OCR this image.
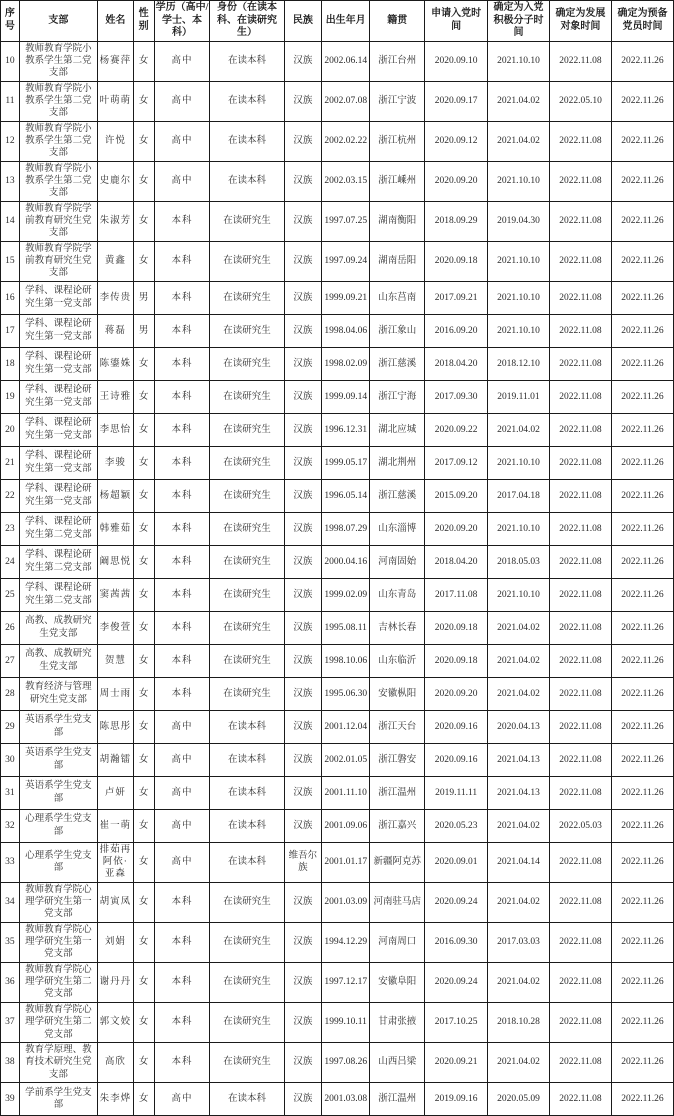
序号	支部	姓名	性别	学历（高中/学士、本科）	身份（在读本科、在读研究生）	民族	出生年月	籍贯	申请入党时间	确定为入党积极分子时间	确定为发展对象时间	确定为预备党员时间
10	教师教育学院小教系学生第二党支部	杨赛萍	女	高中	在读本科	汉族	2002.06.14	浙江台州	2020.09.10	2021.10.10	2022.11.08	2022.11.26
11	教师教育学院小教系学生第二党支部	叶萌萌	女	高中	在读本科	汉族	2002.07.08	浙江宁波	2020.09.17	2021.04.02	2022.05.10	2022.11.26
12	教师教育学院小教系学生第二党支部	许悦	女	高中	在读本科	汉族	2002.02.22	浙江杭州	2020.09.12	2021.04.02	2022.11.08	2022.11.26
13	教师教育学院小教系学生第二党支部	史鹿尔	女	高中	在读本科	汉族	2002.03.15	浙江嵊州	2020.09.20	2021.10.10	2022.11.08	2022.11.26
14	教师教育学院学前教育研究生党支部	朱淑芳	女	本科	在读研究生	汉族	1997.07.25	湖南衡阳	2018.09.29	2019.04.30	2022.11.08	2022.11.26
15	教师教育学院学前教育研究生党支部	黄鑫	女	本科	在读研究生	汉族	1997.09.24	湖南岳阳	2020.09.18	2021.10.10	2022.11.08	2022.11.26
16	学科、课程论研究生第一党支部	李传贵	男	本科	在读研究生	汉族	1999.09.21	山东莒南	2017.09.21	2021.10.10	2022.11.08	2022.11.26
17	学科、课程论研究生第一党支部	蒋磊	男	本科	在读研究生	汉族	1998.04.06	浙江象山	2016.09.20	2021.10.10	2022.11.08	2022.11.26
18	学科、课程论研究生第一党支部	陈鎏姝	女	本科	在读研究生	汉族	1998.02.09	浙江慈溪	2018.04.20	2018.12.10	2022.11.08	2022.11.26
19	学科、课程论研究生第一党支部	王诗雅	女	本科	在读研究生	汉族	1999.09.14	浙江宁海	2017.09.30	2019.11.01	2022.11.08	2022.11.26
20	学科、课程论研究生第一党支部	李思怡	女	本科	在读研究生	汉族	1996.12.31	湖北应城	2020.09.22	2021.04.02	2022.11.08	2022.11.26
21	学科、课程论研究生第一党支部	李骏	女	本科	在读研究生	汉族	1999.05.17	湖北荆州	2017.09.12	2021.10.10	2022.11.08	2022.11.26
22	学科、课程论研究生第一党支部	杨超颖	女	本科	在读研究生	汉族	1996.05.14	浙江慈溪	2015.09.20	2017.04.18	2022.11.08	2022.11.26
23	学科、课程论研究生第二党支部	韩雅茹	女	本科	在读研究生	汉族	1998.07.29	山东淄博	2020.09.20	2021.10.10	2022.11.08	2022.11.26
24	学科、课程论研究生第二党支部	阚思悦	女	本科	在读研究生	汉族	2000.04.16	河南固始	2018.04.20	2018.05.03	2022.11.08	2022.11.26
25	学科、课程论研究生第二党支部	窦茜茜	女	本科	在读研究生	汉族	1999.02.09	山东青岛	2017.11.08	2021.10.10	2022.11.08	2022.11.26
26	高教、成教研究生党支部	李俊萱	女	本科	在读研究生	汉族	1995.08.11	吉林长春	2020.09.18	2021.04.02	2022.11.08	2022.11.26
27	高教、成教研究生党支部	贺慧	女	本科	在读研究生	汉族	1998.10.06	山东临沂	2020.09.18	2021.04.02	2022.11.08	2022.11.26
28	教育经济与管理研究生党支部	周士雨	女	本科	在读研究生	汉族	1995.06.30	安徽枞阳	2020.09.20	2021.04.02	2022.11.08	2022.11.26
29	英语系学生党支部	陈思彤	女	高中	在读本科	汉族	2001.12.04	浙江天台	2020.09.16	2020.04.13	2022.11.08	2022.11.26
30	英语系学生党支部	胡瀚镭	女	高中	在读本科	汉族	2002.01.05	浙江磐安	2020.09.16	2021.04.13	2022.11.08	2022.11.26
31	英语系学生党支部	卢妍	女	高中	在读本科	汉族	2001.11.10	浙江温州	2019.11.11	2021.04.13	2022.11.08	2022.11.26
32	心理系学生党支部	崔一萌	女	高中	在读本科	汉族	2001.09.06	浙江嘉兴	2020.05.23	2021.04.02	2022.05.03	2022.11.26
33	心理系学生党支部	排茹再阿依·亚森	女	高中	在读本科	维吾尔族	2001.01.17	新疆阿克苏	2020.09.01	2021.04.14	2022.11.08	2022.11.26
34	教师教育学院心理学研究生第一党支部	胡寅凤	女	本科	在读研究生	汉族	2001.03.09	河南驻马店	2020.09.24	2021.04.02	2022.11.08	2022.11.26
35	教师教育学院心理学研究生第一党支部	刘娟	女	本科	在读研究生	汉族	1994.12.29	河南周口	2016.09.30	2017.03.03	2022.11.08	2022.11.26
36	教师教育学院心理学研究生第二党支部	谢丹丹	女	本科	在读研究生	汉族	1997.12.17	安徽阜阳	2020.09.24	2021.04.02	2022.11.08	2022.11.26
37	教师教育学院心理学研究生第二党支部	郭文姣	女	本科	在读研究生	汉族	1999.10.11	甘肃张掖	2017.10.25	2018.10.28	2022.11.08	2022.11.26
38	教育学原理、教育技术研究生党支部	高欣	女	本科	在读研究生	汉族	1997.08.26	山西吕梁	2020.09.21	2021.04.02	2022.11.08	2022.11.26
39	学前系学生党支部	朱李烨	女	高中	在读本科	汉族	2001.03.08	浙江温州	2019.09.16	2020.05.09	2022.11.08	2022.11.26
